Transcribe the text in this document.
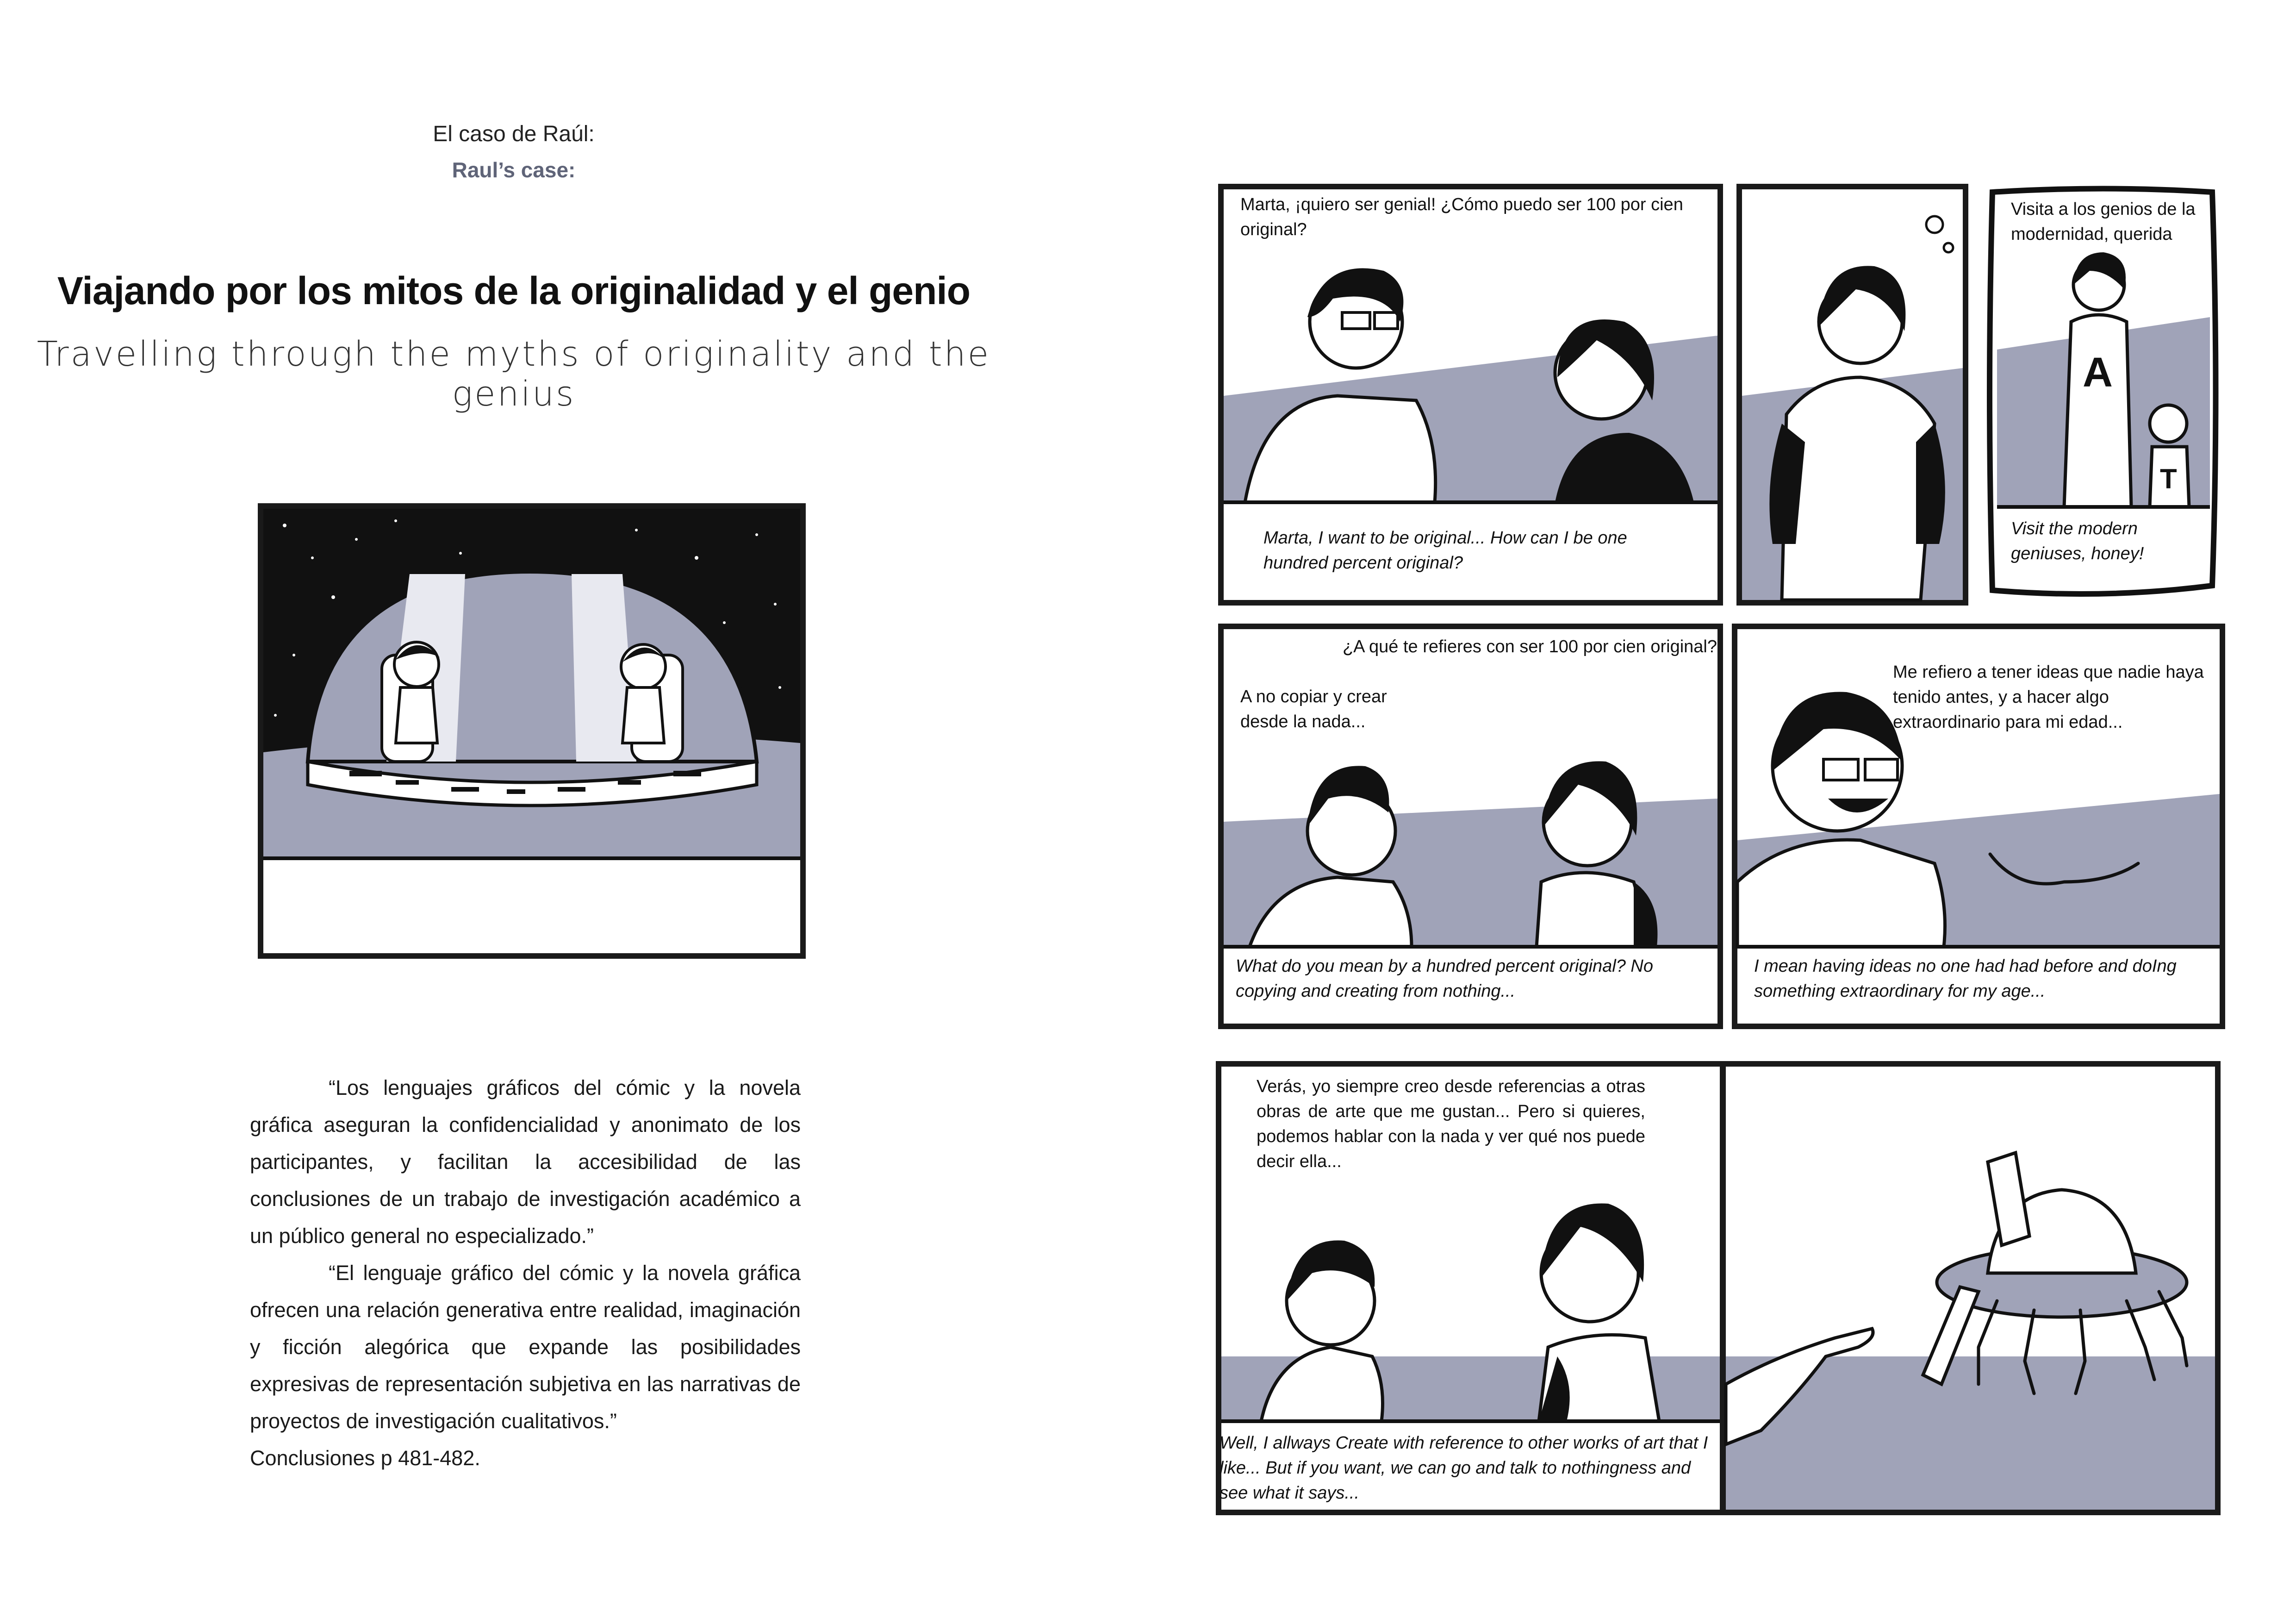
El caso de Raúl:
Raul’s case:
Viajando por los mitos de la originalidad y el genio
Travelling through the myths of originality and the genius

“Los lenguajes gráficos del cómic y la novela gráfica aseguran la confidencialidad y anonimato de los participantes, y facilitan la accesibilidad de las conclusiones de un trabajo de investigación académico a un público general no especializado.”

“El lenguaje gráfico del cómic y la novela gráfica ofrecen una relación generativa entre realidad, imaginación y ficción alegórica que expande las posibilidades expresivas de representación subjetiva en las narrativas de proyectos de investigación cualitativos.”

Conclusiones p 481-482.

Marta, ¡quiero ser genial! ¿Cómo puedo ser 100 por cien original?
Marta, I want to be original... How can I be one hundred percent original?
A
T
Visita a los genios de la modernidad, querida
Visit the modern geniuses, honey!
¿A qué te refieres con ser 100 por cien original?
A no copiar y crear desde la nada...
What do you mean by a hundred percent original? No copying and creating from nothing...
Me refiero a tener ideas que nadie haya tenido antes, y a hacer algo extraordinario para mi edad...
I mean having ideas no one had had before and doIng something extraordinary for my age...
Verás, yo siempre creo desde referencias a otras obras de arte que me gustan... Pero si quieres, podemos hablar con la nada y ver qué nos puede decir ella...
Well, I allways Create with reference to other works of art that I like... But if you want, we can go and talk to nothingness and see what it says...
